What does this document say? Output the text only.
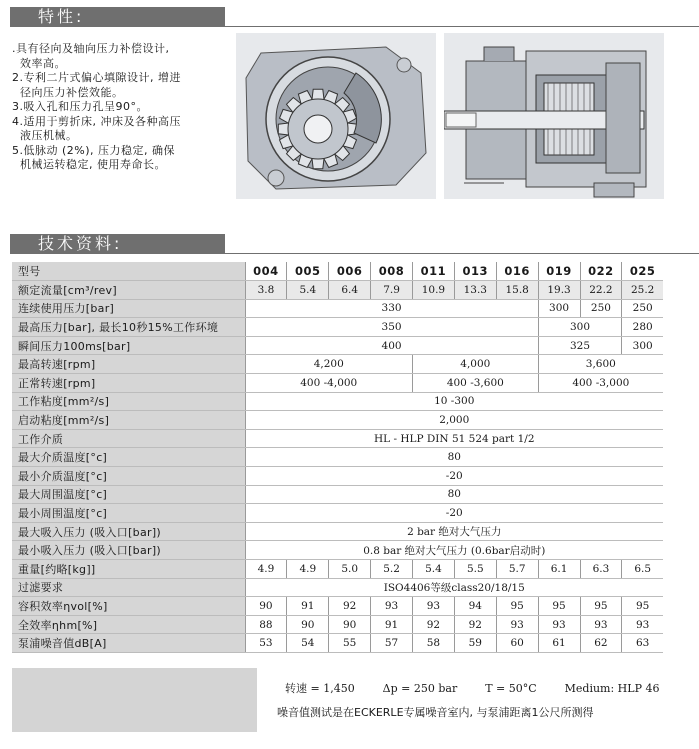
特性:
.具有径向及轴向压力补偿设计,
效率高。
2.专利二片式偏心填隙设计, 增进
径向压力补偿效能。
3.吸入孔和压力孔呈90°。
4.适用于剪折床, 冲床及各种高压
液压机械。
5.低脉动 (2%), 压力稳定, 确保
机械运转稳定, 使用寿命长。
技术资料:
型号	004	005	006	008	011	013	016	019	022	025
额定流量[cm³/rev]	3.8	5.4	6.4	7.9	10.9	13.3	15.8	19.3	22.2	25.2
连续使用压力[bar]	330							300	250	250
最高压力[bar], 最长10秒15%工作环境	350							300		280
瞬间压力100ms[bar]	400							325		300
最高转速[rpm]	4,200				4,000			3,600		
正常转速[rpm]	400 -4,000				400 -3,600			400 -3,000		
工作粘度[mm²/s]	10 -300									
启动粘度[mm²/s]	2,000									
工作介质	HL - HLP DIN 51 524 part 1/2									
最大介质温度[°c]	80									
最小介质温度[°c]	-20									
最大周围温度[°c]	80									
最小周围温度[°c]	-20									
最大吸入压力 (吸入口[bar])	2 bar 绝对大气压力									
最小吸入压力 (吸入口[bar])	0.8 bar 绝对大气压力 (0.6bar启动时)									
重量[约略[kg]]	4.9	4.9	5.0	5.2	5.4	5.5	5.7	6.1	6.3	6.5
过滤要求	ISO4406等级class20/18/15									
容积效率ηvol[%]	90	91	92	93	93	94	95	95	95	95
全效率ηhm[%]	88	90	90	91	92	92	93	93	93	93
泵浦噪音值dB[A]	53	54	55	57	58	59	60	61	62	63
转速 = 1,450        Δp = 250 bar        T = 50°C        Medium: HLP 46
噪音值测试是在ECKERLE专属噪音室内, 与泵浦距离1公尺所测得
